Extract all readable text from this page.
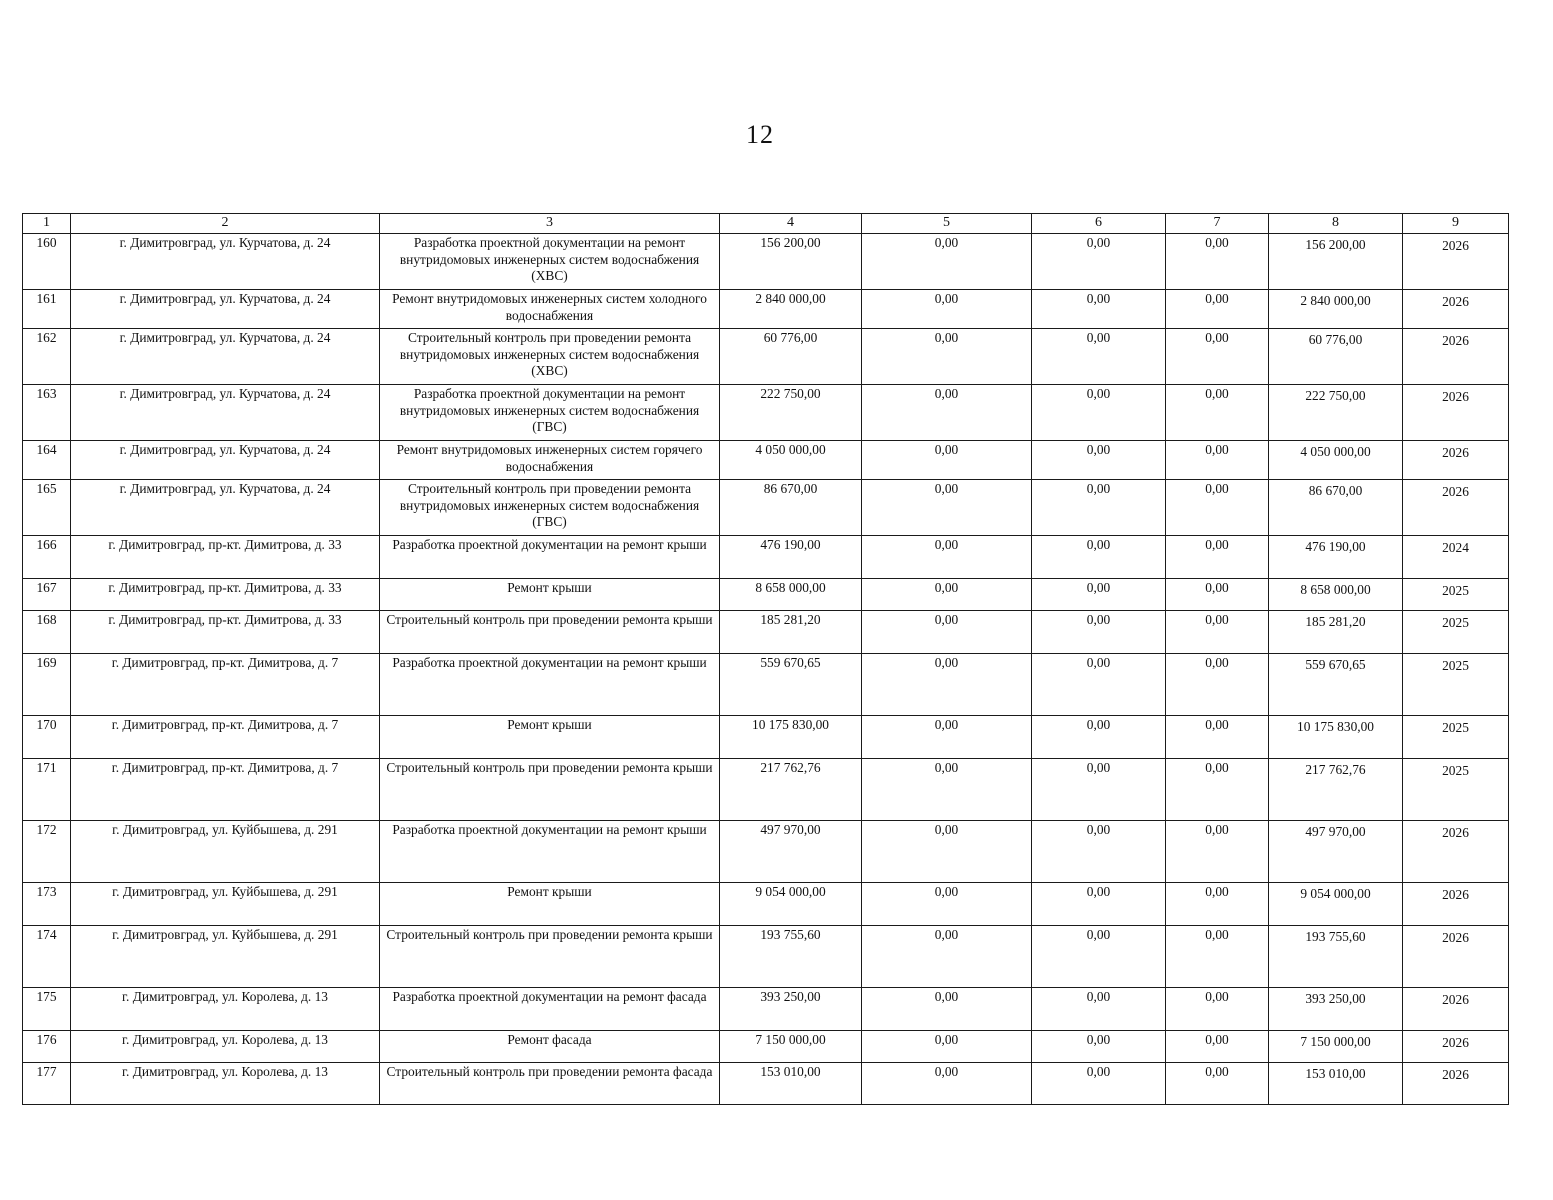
12
1	2	3	4	5	6	7	8	9
160	г. Димитровград, ул. Курчатова, д. 24	Разработка проектной документации на ремонт внутридомовых инженерных систем водоснабжения (ХВС)	156 200,00	0,00	0,00	0,00	156 200,00	2026
161	г. Димитровград, ул. Курчатова, д. 24	Ремонт внутридомовых инженерных систем холодного водоснабжения	2 840 000,00	0,00	0,00	0,00	2 840 000,00	2026
162	г. Димитровград, ул. Курчатова, д. 24	Строительный контроль при проведении ремонта внутридомовых инженерных систем водоснабжения (ХВС)	60 776,00	0,00	0,00	0,00	60 776,00	2026
163	г. Димитровград, ул. Курчатова, д. 24	Разработка проектной документации на ремонт внутридомовых инженерных систем водоснабжения (ГВС)	222 750,00	0,00	0,00	0,00	222 750,00	2026
164	г. Димитровград, ул. Курчатова, д. 24	Ремонт внутридомовых инженерных систем горячего водоснабжения	4 050 000,00	0,00	0,00	0,00	4 050 000,00	2026
165	г. Димитровград, ул. Курчатова, д. 24	Строительный контроль при проведении ремонта внутридомовых инженерных систем водоснабжения (ГВС)	86 670,00	0,00	0,00	0,00	86 670,00	2026
166	г. Димитровград, пр-кт. Димитрова, д. 33	Разработка проектной документации на ремонт крыши	476 190,00	0,00	0,00	0,00	476 190,00	2024
167	г. Димитровград, пр-кт. Димитрова, д. 33	Ремонт крыши	8 658 000,00	0,00	0,00	0,00	8 658 000,00	2025
168	г. Димитровград, пр-кт. Димитрова, д. 33	Строительный контроль при проведении ремонта крыши	185 281,20	0,00	0,00	0,00	185 281,20	2025
169	г. Димитровград, пр-кт. Димитрова, д. 7	Разработка проектной документации на ремонт крыши	559 670,65	0,00	0,00	0,00	559 670,65	2025
170	г. Димитровград, пр-кт. Димитрова, д. 7	Ремонт крыши	10 175 830,00	0,00	0,00	0,00	10 175 830,00	2025
171	г. Димитровград, пр-кт. Димитрова, д. 7	Строительный контроль при проведении ремонта крыши	217 762,76	0,00	0,00	0,00	217 762,76	2025
172	г. Димитровград, ул. Куйбышева, д. 291	Разработка проектной документации на ремонт крыши	497 970,00	0,00	0,00	0,00	497 970,00	2026
173	г. Димитровград, ул. Куйбышева, д. 291	Ремонт крыши	9 054 000,00	0,00	0,00	0,00	9 054 000,00	2026
174	г. Димитровград, ул. Куйбышева, д. 291	Строительный контроль при проведении ремонта крыши	193 755,60	0,00	0,00	0,00	193 755,60	2026
175	г. Димитровград, ул. Королева, д. 13	Разработка проектной документации на ремонт фасада	393 250,00	0,00	0,00	0,00	393 250,00	2026
176	г. Димитровград, ул. Королева, д. 13	Ремонт фасада	7 150 000,00	0,00	0,00	0,00	7 150 000,00	2026
177	г. Димитровград, ул. Королева, д. 13	Строительный контроль при проведении ремонта фасада	153 010,00	0,00	0,00	0,00	153 010,00	2026
